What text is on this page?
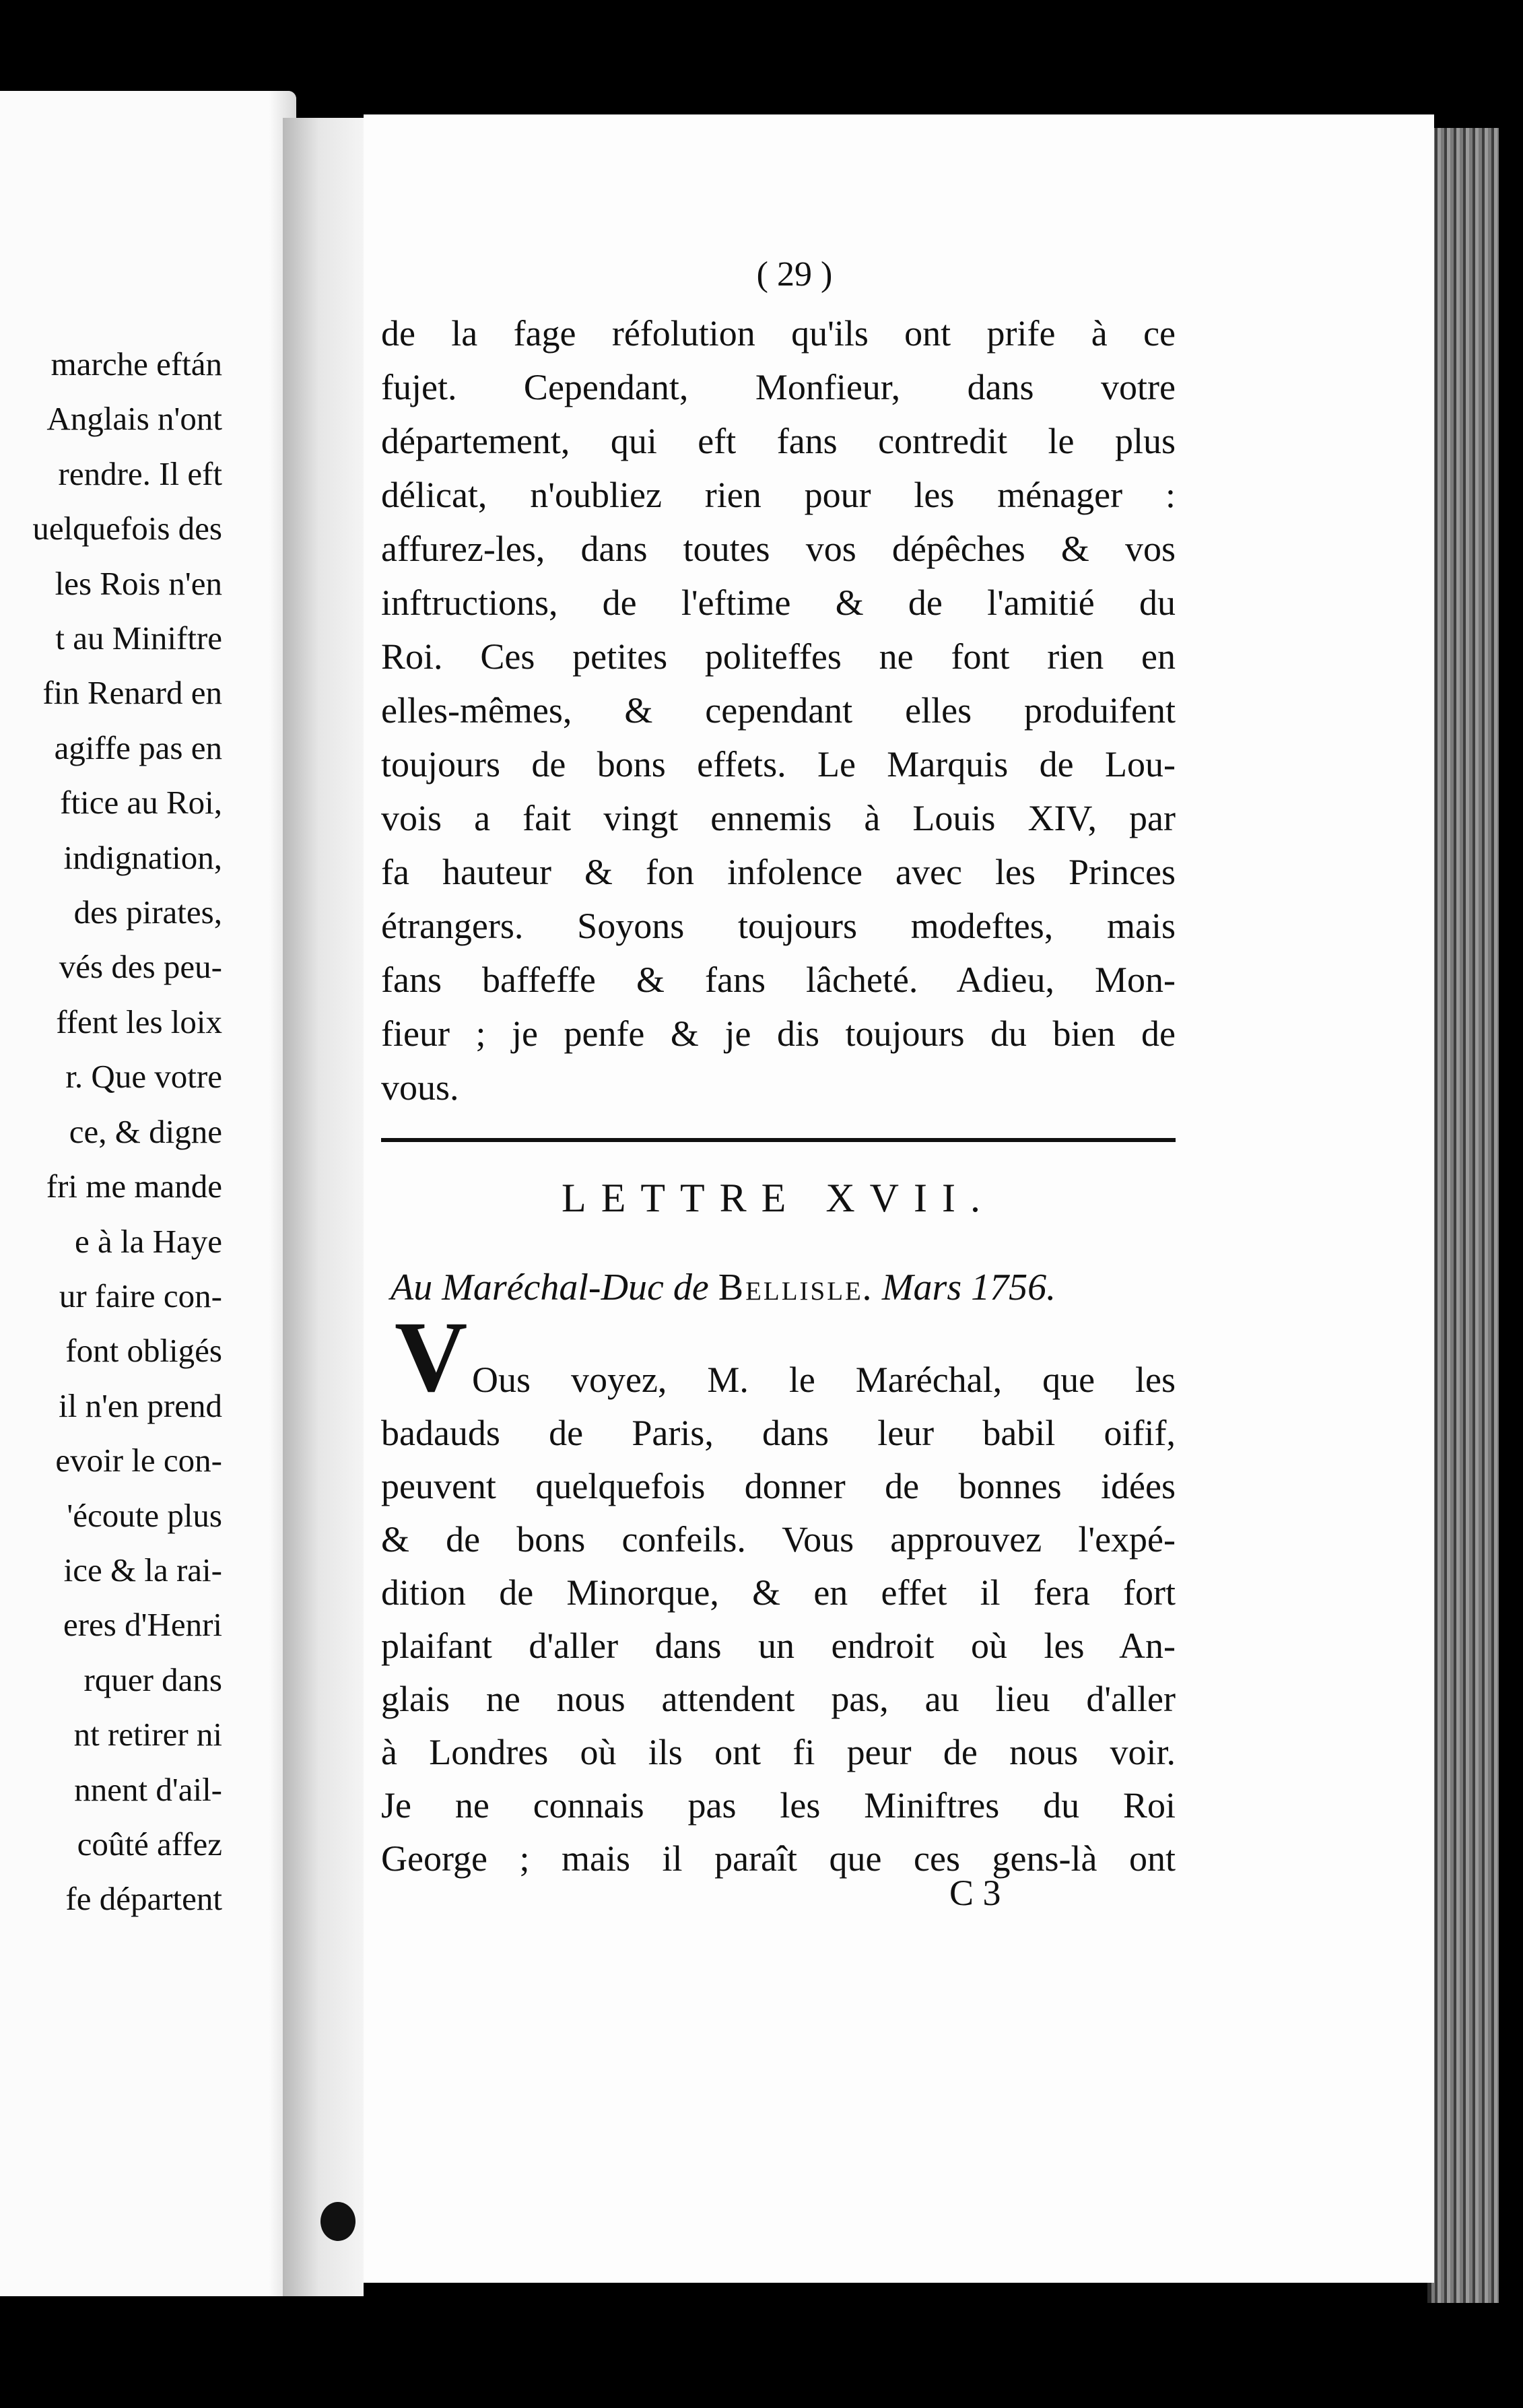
marche eftán
Anglais n'ont
rendre. Il eft
uelquefois des
les Rois n'en
t au Miniftre
fin Renard en
agiffe pas en
ftice au Roi,
indignation,
des pirates,
vés des peu-
ffent les loix
r. Que votre
ce, & digne
fri me mande
e à la Haye
ur faire con-
font obligés
il n'en prend
evoir le con-
'écoute plus
ice & la rai-
eres d'Henri
rquer dans
nt retirer ni
nnent d'ail-
coûté affez
fe départent
( 29 )
de la fage réfolution qu'ils ont prife à ce
fujet. Cependant, Monfieur, dans votre
département, qui eft fans contredit le plus
délicat, n'oubliez rien pour les ménager :
affurez-les, dans toutes vos dépêches & vos
inftructions, de l'eftime & de l'amitié du
Roi. Ces petites politeffes ne font rien en
elles-mêmes, & cependant elles produifent
toujours de bons effets. Le Marquis de Lou-
vois a fait vingt ennemis à Louis XIV, par
fa hauteur & fon infolence avec les Princes
étrangers. Soyons toujours modeftes, mais
fans baffeffe & fans lâcheté. Adieu, Mon-
fieur ; je penfe & je dis toujours du bien de
vous.
LETTRE XVII.
Au Maréchal-Duc de Bellisle. Mars 1756.
V Ous voyez, M. le Maréchal, que les
badauds de Paris, dans leur babil oifif,
peuvent quelquefois donner de bonnes idées
& de bons confeils. Vous approuvez l'expé-
dition de Minorque, & en effet il fera fort
plaifant d'aller dans un endroit où les An-
glais ne nous attendent pas, au lieu d'aller
à Londres où ils ont fi peur de nous voir.
Je ne connais pas les Miniftres du Roi
George ; mais il paraît que ces gens-là ont
C 3
